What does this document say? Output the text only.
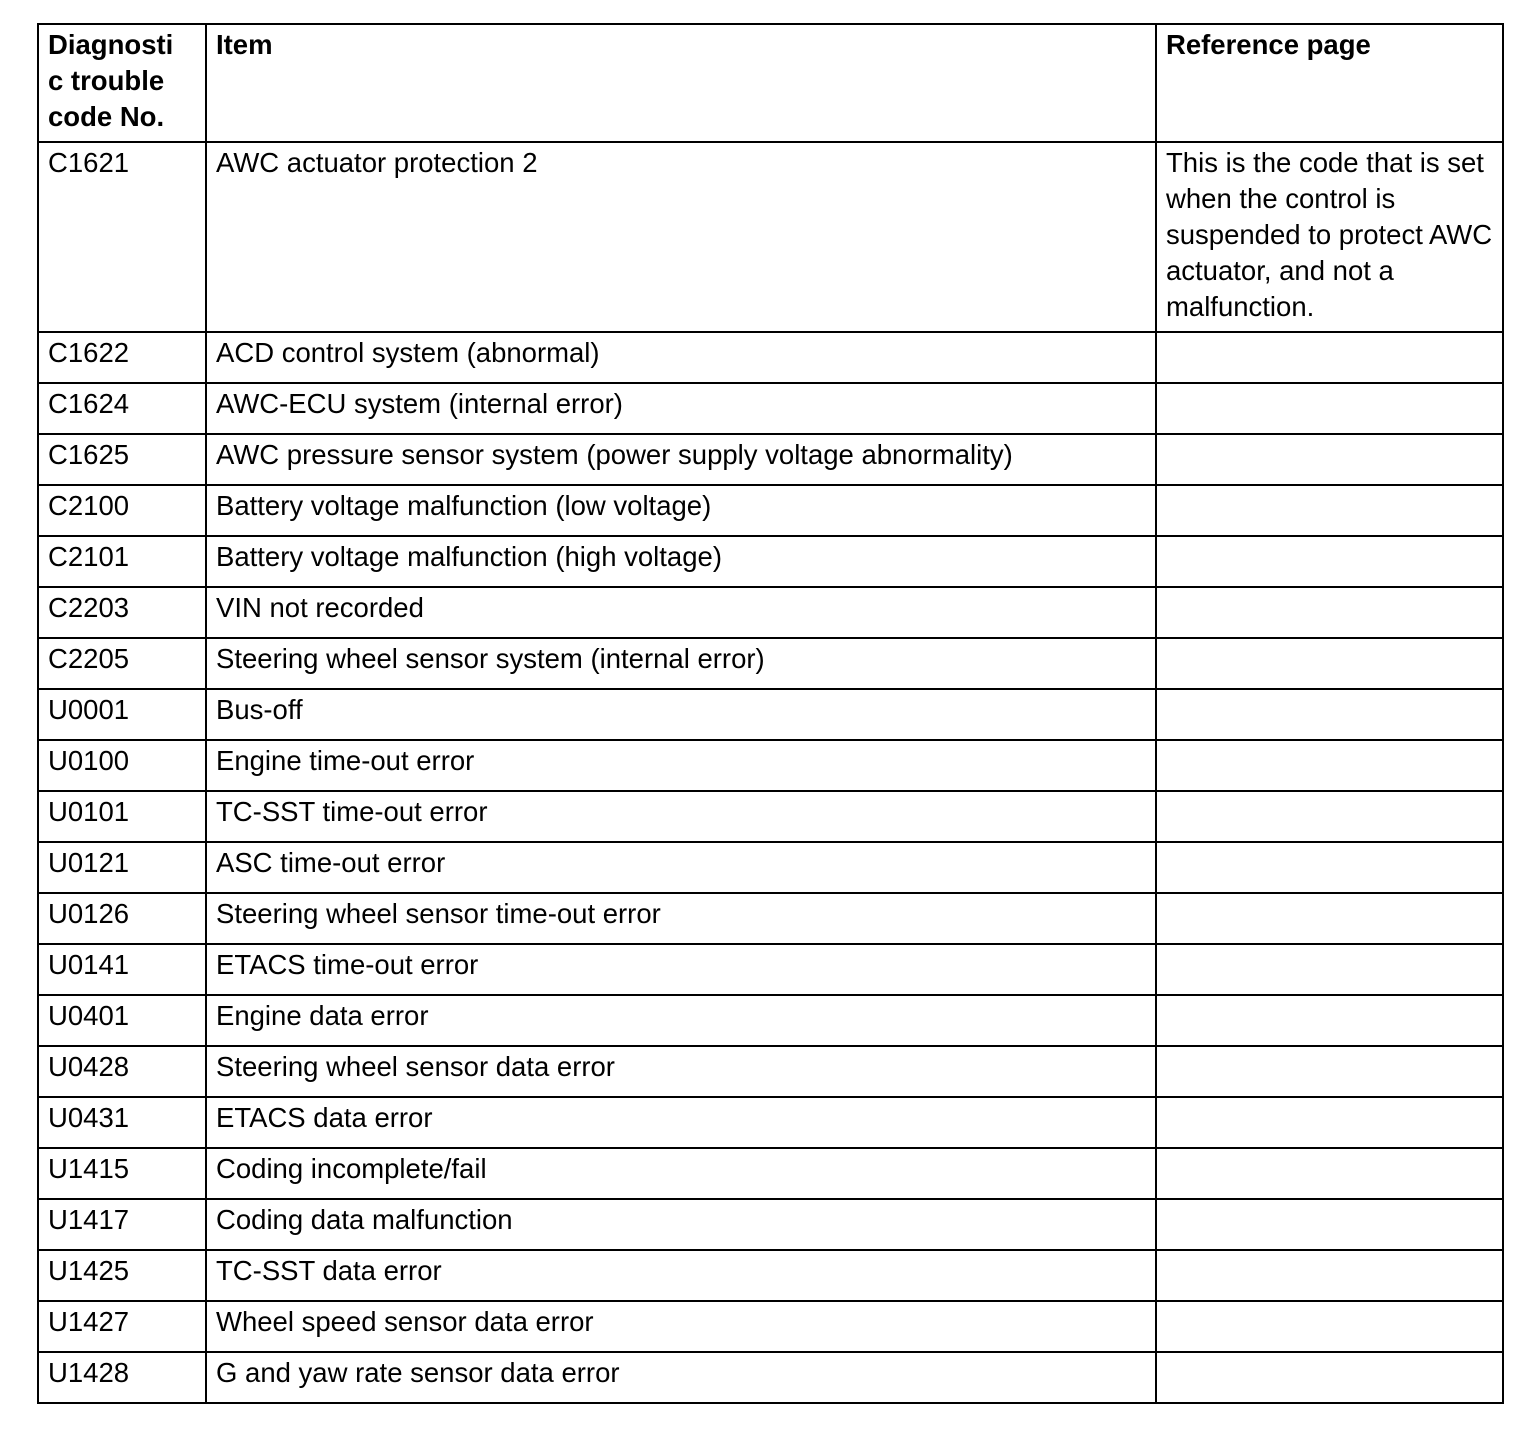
Diagnosti
c trouble
code No.	Item	Reference page
C1621	AWC actuator protection 2	This is the code that is set when the control is suspended to protect AWC actuator, and not a malfunction.
C1622	ACD control system (abnormal)	
C1624	AWC-ECU system (internal error)	
C1625	AWC pressure sensor system (power supply voltage abnormality)	
C2100	Battery voltage malfunction (low voltage)	
C2101	Battery voltage malfunction (high voltage)	
C2203	VIN not recorded	
C2205	Steering wheel sensor system (internal error)	
U0001	Bus-off	
U0100	Engine time-out error	
U0101	TC-SST time-out error	
U0121	ASC time-out error	
U0126	Steering wheel sensor time-out error	
U0141	ETACS time-out error	
U0401	Engine data error	
U0428	Steering wheel sensor data error	
U0431	ETACS data error	
U1415	Coding incomplete/fail	
U1417	Coding data malfunction	
U1425	TC-SST data error	
U1427	Wheel speed sensor data error	
U1428	G and yaw rate sensor data error	
